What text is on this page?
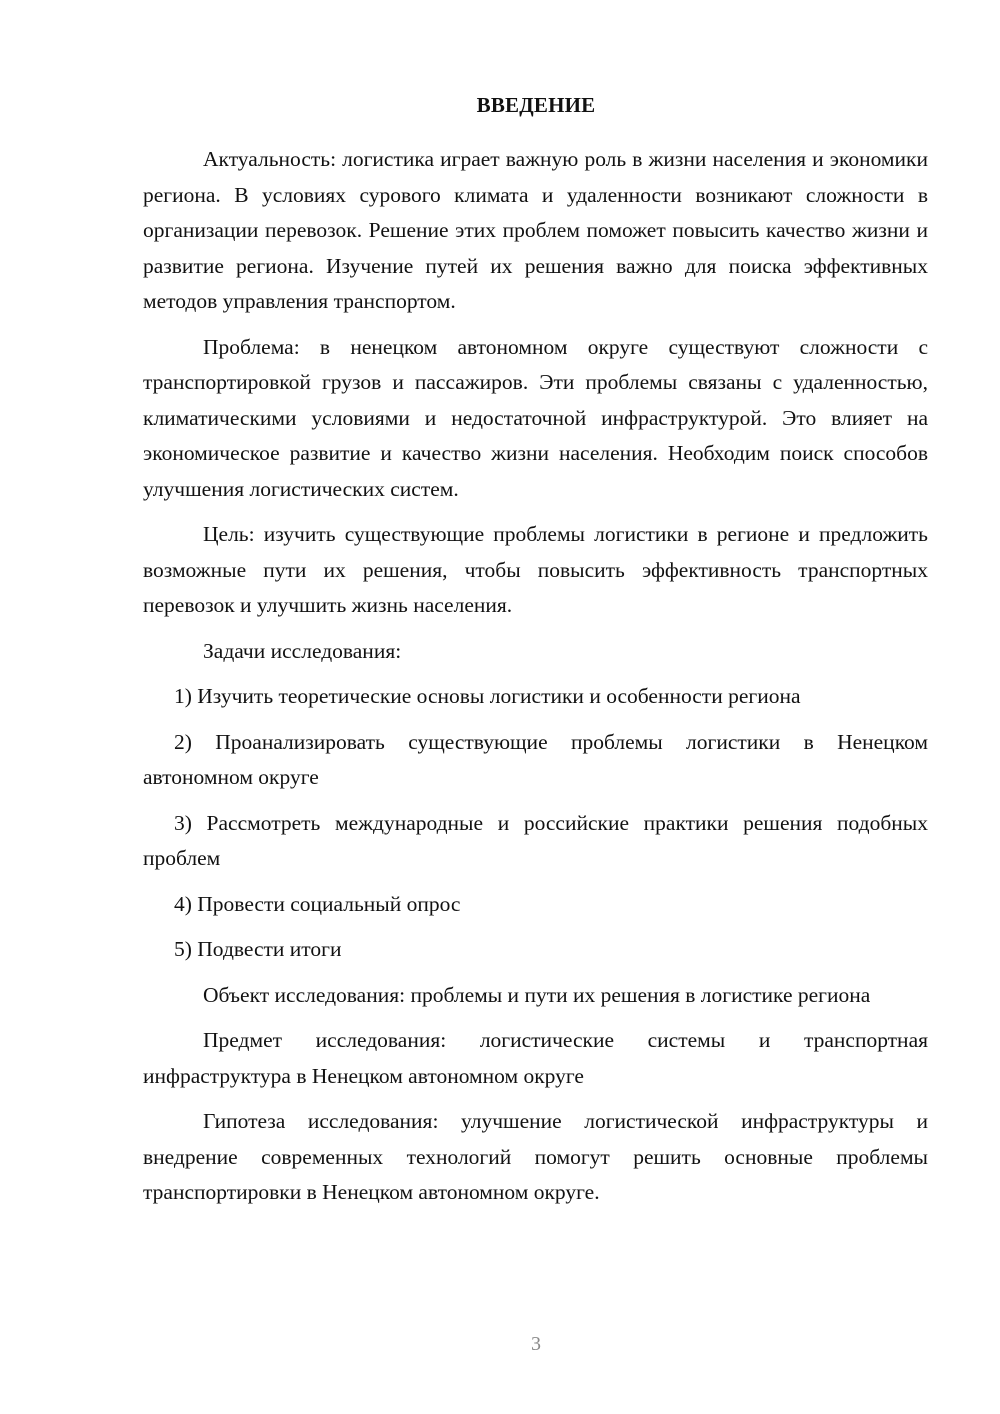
ВВЕДЕНИЕ

Актуальность: логистика играет важную роль в жизни населения и экономики региона. В условиях сурового климата и удаленности возникают сложности в организации перевозок. Решение этих проблем поможет повысить качество жизни и развитие региона. Изучение путей их решения важно для поиска эффективных методов управления транспортом.

Проблема: в ненецком автономном округе существуют сложности с транспортировкой грузов и пассажиров. Эти проблемы связаны с удаленностью, климатическими условиями и недостаточной инфраструктурой. Это влияет на экономическое развитие и качество жизни населения. Необходим поиск способов улучшения логистических систем.

Цель: изучить существующие проблемы логистики в регионе и предложить возможные пути их решения, чтобы повысить эффективность транспортных перевозок и улучшить жизнь населения.

Задачи исследования:

1) Изучить теоретические основы логистики и особенности региона

2) Проанализировать существующие проблемы логистики в Ненецком автономном округе

3) Рассмотреть международные и российские практики решения подобных проблем

4) Провести социальный опрос

5) Подвести итоги

Объект исследования: проблемы и пути их решения в логистике региона

Предмет исследования: логистические системы и транспортная инфраструктура в Ненецком автономном округе

Гипотеза исследования: улучшение логистической инфраструктуры и внедрение современных технологий помогут решить основные проблемы транспортировки в Ненецком автономном округе.

3
